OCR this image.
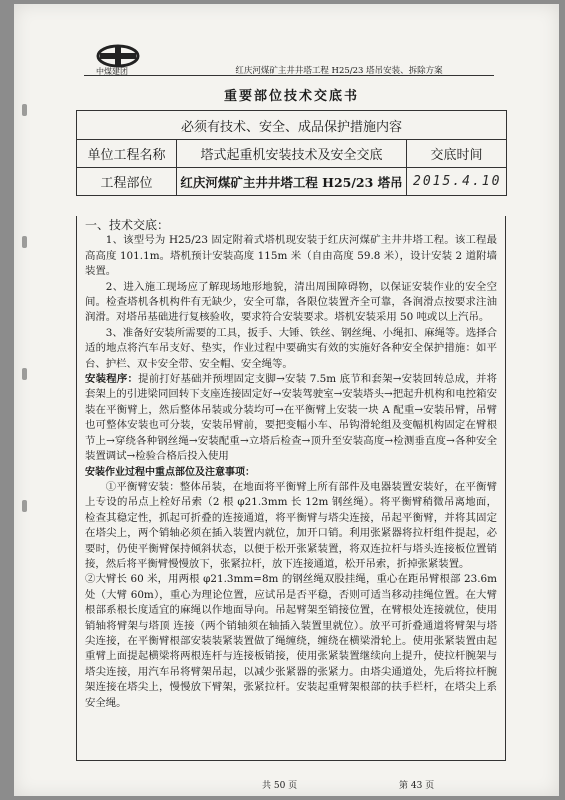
中煤建团	红庆河煤矿主井井塔工程 H25/23 塔吊安装、拆除方案
重要部位技术交底书		
必须有技术、安全、成品保护措施内容		
单位工程名称	塔式起重机安装技术及安全交底	交底时间
工程部位	红庆河煤矿主井井塔工程 H25/23 塔吊	2015.4.10

一、技术交底：

1、该型号为 H25/23 固定附着式塔机现安装于红庆河煤矿主井井塔工程。该工程最高高度 101.1m。塔机预计安装高度 115m 米（自由高度 59.8 米），设计安装 2 道附墙装置。

2、进入施工现场应了解现场地形地貌，清出周围障碍物，以保证安装作业的安全空间。检查塔机各机构件有无缺少，安全可靠，各限位装置齐全可靠，各润滑点按要求注油润滑。对塔吊基础进行复核验收，要求符合安装要求。塔机安装采用 50 吨或以上汽吊。

3、准备好安装所需要的工具，扳手、大锤、铁丝、钢丝绳、小绳扣、麻绳等。选择合适的地点将汽车吊支好、垫实，作业过程中要确实有效的实施好各种安全保护措施：如平台、护栏、双卡安全带、安全帽、安全绳等。

安装程序：提前打好基础并预埋固定支脚→安装 7.5m 底节和套架→安装回转总成，并将套架上的引进梁同回转下支座连接固定好→安装驾驶室→安装塔头→把起升机构和电控箱安装在平衡臂上，然后整体吊装或分装均可→在平衡臂上安装一块 A 配重→安装吊臂，吊臂也可整体安装也可分装，安装吊臂前，要把变幅小车、吊钩滑轮组及变幅机构固定在臂根节上→穿绕各种钢丝绳→安装配重→立塔后检查→顶升至安装高度→检测垂直度→各种安全装置调试→检验合格后投入使用

安装作业过程中重点部位及注意事项：

①平衡臂安装：整体吊装，在地面将平衡臂上所有部件及电器装置安装好，在平衡臂上专设的吊点上栓好吊索（2 根 φ21.3mm 长 12m 钢丝绳）。将平衡臂稍微吊离地面，检查其稳定性，抓起可折叠的连接通道，将平衡臂与塔尖连接，吊起平衡臂，并将其固定在塔尖上，两个销轴必须在插入装置内就位，加开口销。利用张紧器将拉杆组件提起，必要时，仍使平衡臂保持倾斜状态，以便于松开张紧装置，将双连拉杆与塔头连接板位置销接，然后将平衡臂慢慢放下，张紧拉杆，放下连接通道，松开吊索，折掉张紧装置。

②大臂长 60 米，用两根 φ21.3mm=8m 的钢丝绳双股挂绳，重心在距吊臂根部 23.6m 处（大臂 60m），重心为理论位置，应试吊是否平稳，否则可适当移动挂绳位置。在大臂根部系根长度适宜的麻绳以作地面导向。吊起臂架至销接位置，在臂根处连接就位，使用销轴将臂架与塔顶 连接（两个销轴须在轴插入装置里就位）。放平可折叠通道将臂架与塔尖连接，在平衡臂根部安装装紧装置做了绳缠绕，缠绕在横梁滑轮上。使用张紧装置由起重臂上面提起横梁将两根连杆与连接板销接，使用张紧装置继续向上提升，使拉杆腕架与塔尖连接，用汽车吊将臂架吊起，以减少张紧器的张紧力。由塔尖通道处，先后将拉杆腕架连接在塔尖上，慢慢放下臂架，张紧拉杆。安装起重臂架根部的扶手栏杆，在塔尖上系安全绳。

共 50 页	第 43 页
